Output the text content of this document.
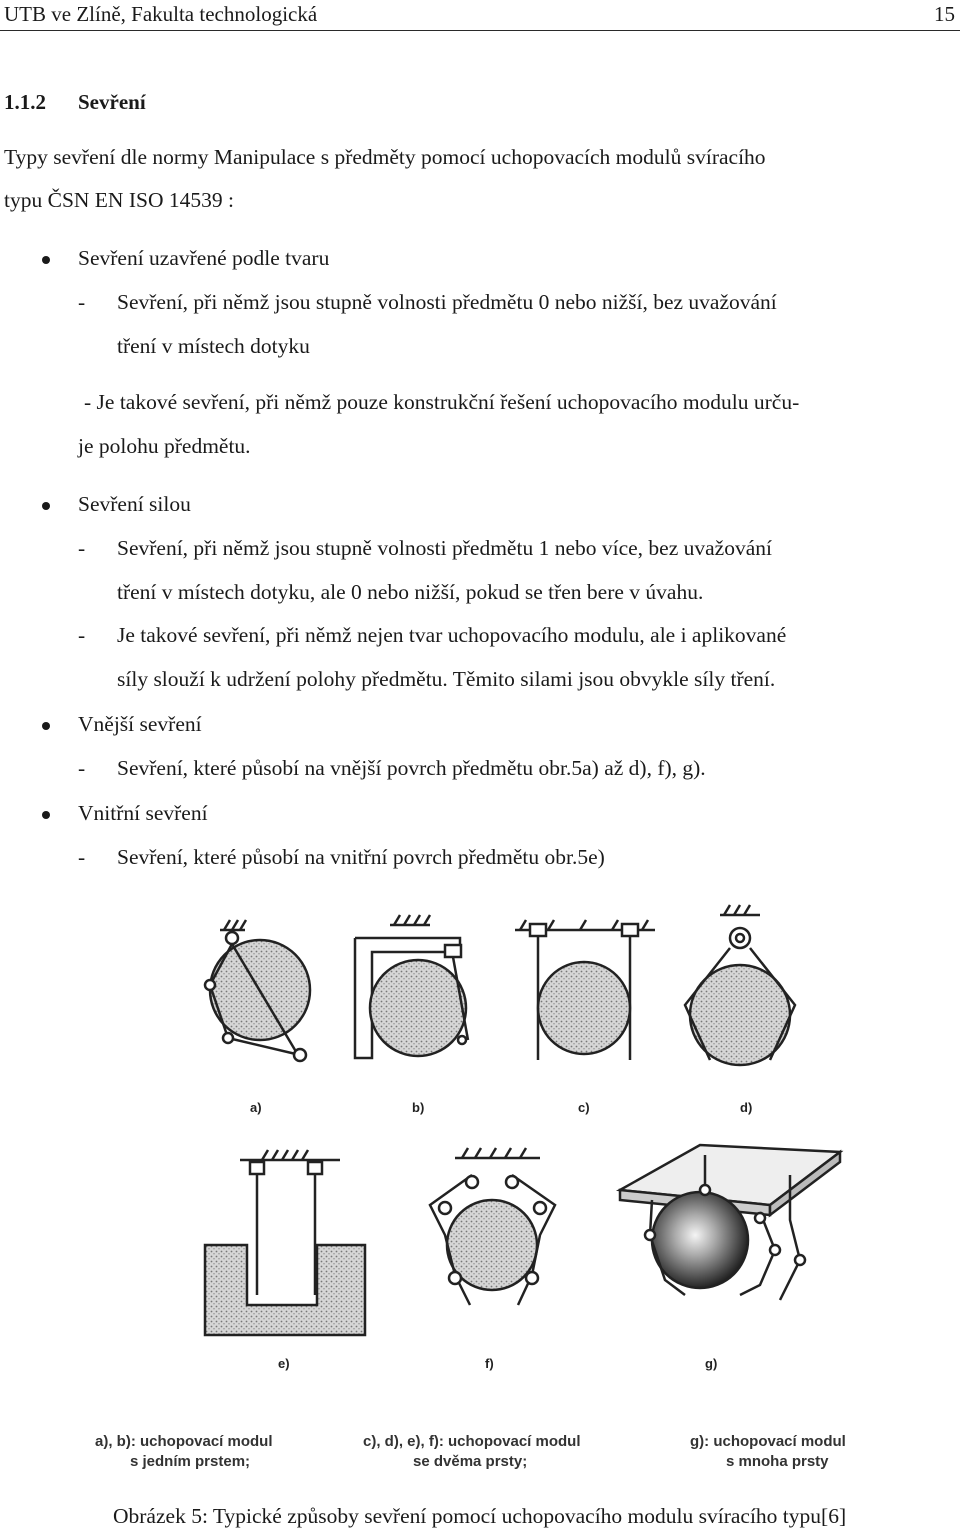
UTB ve Zlíně, Fakulta technologická	15
1.1.2 Sevření
Typy sevření dle normy Manipulace s předměty pomocí uchopovacích modulů svíracího
typu ČSN EN ISO 14539 :
Sevření uzavřené podle tvaru
- Sevření, při němž jsou stupně volnosti předmětu 0 nebo nižší, bez uvažování
tření v místech dotyku
- Je takové sevření, při němž pouze konstrukční řešení uchopovacího modulu urču-
je polohu předmětu.
Sevření silou
- Sevření, při němž jsou stupně volnosti předmětu 1 nebo více, bez uvažování
tření v místech dotyku, ale 0 nebo nižší, pokud se třen bere v úvahu.
- Je takové sevření, při němž nejen tvar uchopovacího modulu, ale i aplikované
síly slouží k udržení polohy předmětu. Těmito silami jsou obvykle síly tření.
Vnější sevření
- Sevření, které působí na vnější povrch předmětu obr.5a) až d), f), g).
Vnitřní sevření
- Sevření, které působí na vnitřní povrch předmětu obr.5e)
a)	b)	c)	d)
e)	f)	g)
a), b): uchopovací modul
s jedním prstem;
c), d), e), f): uchopovací modul
se dvěma prsty;
g): uchopovací modul
s mnoha prsty
Obrázek 5: Typické způsoby sevření pomocí uchopovacího modulu svíracího typu[6]
